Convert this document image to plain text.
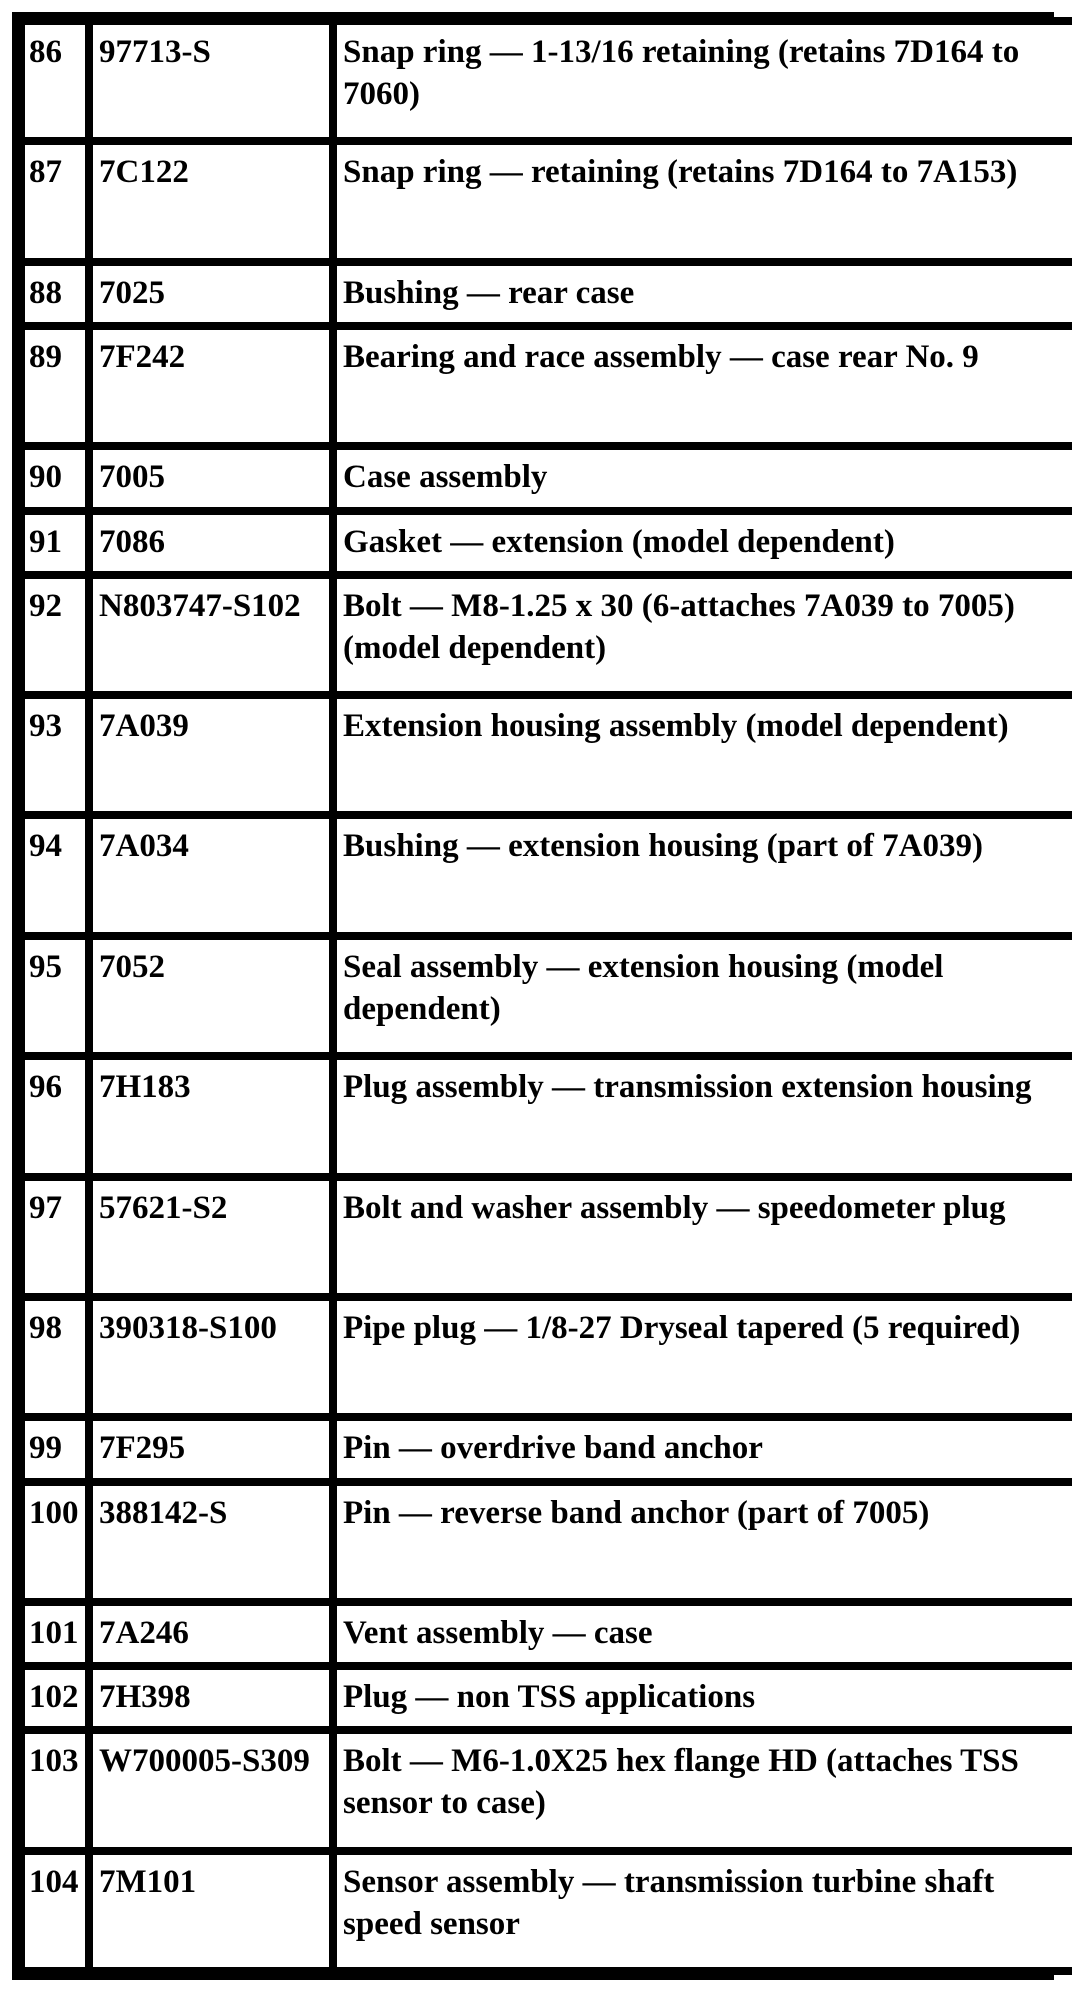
86	97713-S	Snap ring — 1-13/16 retaining (retains 7D164 to 7060)
87	7C122	Snap ring — retaining (retains 7D164 to 7A153)
88	7025	Bushing — rear case
89	7F242	Bearing and race assembly — case rear No. 9
90	7005	Case assembly
91	7086	Gasket — extension (model dependent)
92	N803747-S102	Bolt — M8-1.25 x 30 (6-attaches 7A039 to 7005) (model dependent)
93	7A039	Extension housing assembly (model dependent)
94	7A034	Bushing — extension housing (part of 7A039)
95	7052	Seal assembly — extension housing (model dependent)
96	7H183	Plug assembly — transmission extension housing
97	57621-S2	Bolt and washer assembly — speedometer plug
98	390318-S100	Pipe plug — 1/8-27 Dryseal tapered (5 required)
99	7F295	Pin — overdrive band anchor
100	388142-S	Pin — reverse band anchor (part of 7005)
101	7A246	Vent assembly — case
102	7H398	Plug — non TSS applications
103	W700005-S309	Bolt — M6-1.0X25 hex flange HD (attaches TSS sensor to case)
104	7M101	Sensor assembly — transmission turbine shaft speed sensor
